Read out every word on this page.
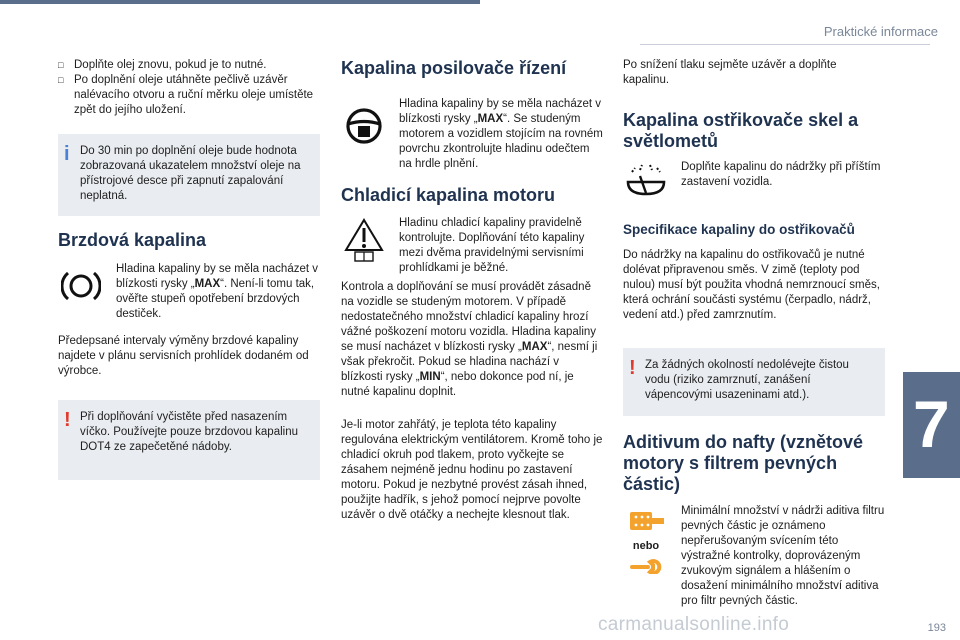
Praktické informace
□ Doplňte olej znovu, pokud je to nutné.
□ Po doplnění oleje utáhněte pečlivě uzávěr nalévacího otvoru a ruční měrku oleje umístěte zpět do jejího uložení.
i Do 30 min po doplnění oleje bude hodnota zobrazovaná ukazatelem množství oleje na přístrojové desce při zapnutí zapalování neplatná.

Brzdová kapalina

Hladina kapaliny by se měla nacházet v blízkosti rysky „MAX“. Není-li tomu tak, ověřte stupeň opotřebení brzdových destiček.

Předepsané intervaly výměny brzdové kapaliny najdete v plánu servisních prohlídek dodaném od výrobce.

! Při doplňování vyčistěte před nasazením víčko. Používejte pouze brzdovou kapalinu DOT4 ze zapečetěné nádoby.

Kapalina posilovače řízení

Hladina kapaliny by se měla nacházet v blízkosti rysky „MAX“. Se studeným motorem a vozidlem stojícím na rovném povrchu zkontrolujte hladinu odečtem na hrdle plnění.

Chladicí kapalina motoru

Hladinu chladicí kapaliny pravidelně kontrolujte. Doplňování této kapaliny mezi dvěma pravidelnými servisními prohlídkami je běžné.

Kontrola a doplňování se musí provádět zásadně na vozidle se studeným motorem. V případě nedostatečného množství chladicí kapaliny hrozí vážné poškození motoru vozidla. Hladina kapaliny se musí nacházet v blízkosti rysky „MAX“, nesmí ji však překročit. Pokud se hladina nachází v blízkosti rysky „MIN“, nebo dokonce pod ní, je nutné kapalinu doplnit.

Je-li motor zahřátý, je teplota této kapaliny regulována elektrickým ventilátorem. Kromě toho je chladicí okruh pod tlakem, proto vyčkejte se zásahem nejméně jednu hodinu po zastavení motoru. Pokud je nezbytné provést zásah ihned, použijte hadřík, s jehož pomocí nejprve povolte uzávěr o dvě otáčky a nechejte klesnout tlak.

Po snížení tlaku sejměte uzávěr a doplňte kapalinu.

Kapalina ostřikovače skel a světlometů

Doplňte kapalinu do nádržky při příštím zastavení vozidla.

Specifikace kapaliny do ostřikovačů

Do nádržky na kapalinu do ostřikovačů je nutné dolévat připravenou směs. V zimě (teploty pod nulou) musí být použita vhodná nemrznoucí směs, která ochrání součásti systému (čerpadlo, nádrž, vedení atd.) před zamrznutím.

! Za žádných okolností nedolévejte čistou vodu (riziko zamrznutí, zanášení vápencovými usazeninami atd.).

Aditivum do nafty (vznětové motory s filtrem pevných částic)
nebo

Minimální množství v nádrži aditiva filtru pevných částic je oznámeno nepřerušovaným svícením této výstražné kontrolky, doprovázeným zvukovým signálem a hlášením o dosažení minimálního množství aditiva pro filtr pevných částic.

7
carmanualsonline.info	193
